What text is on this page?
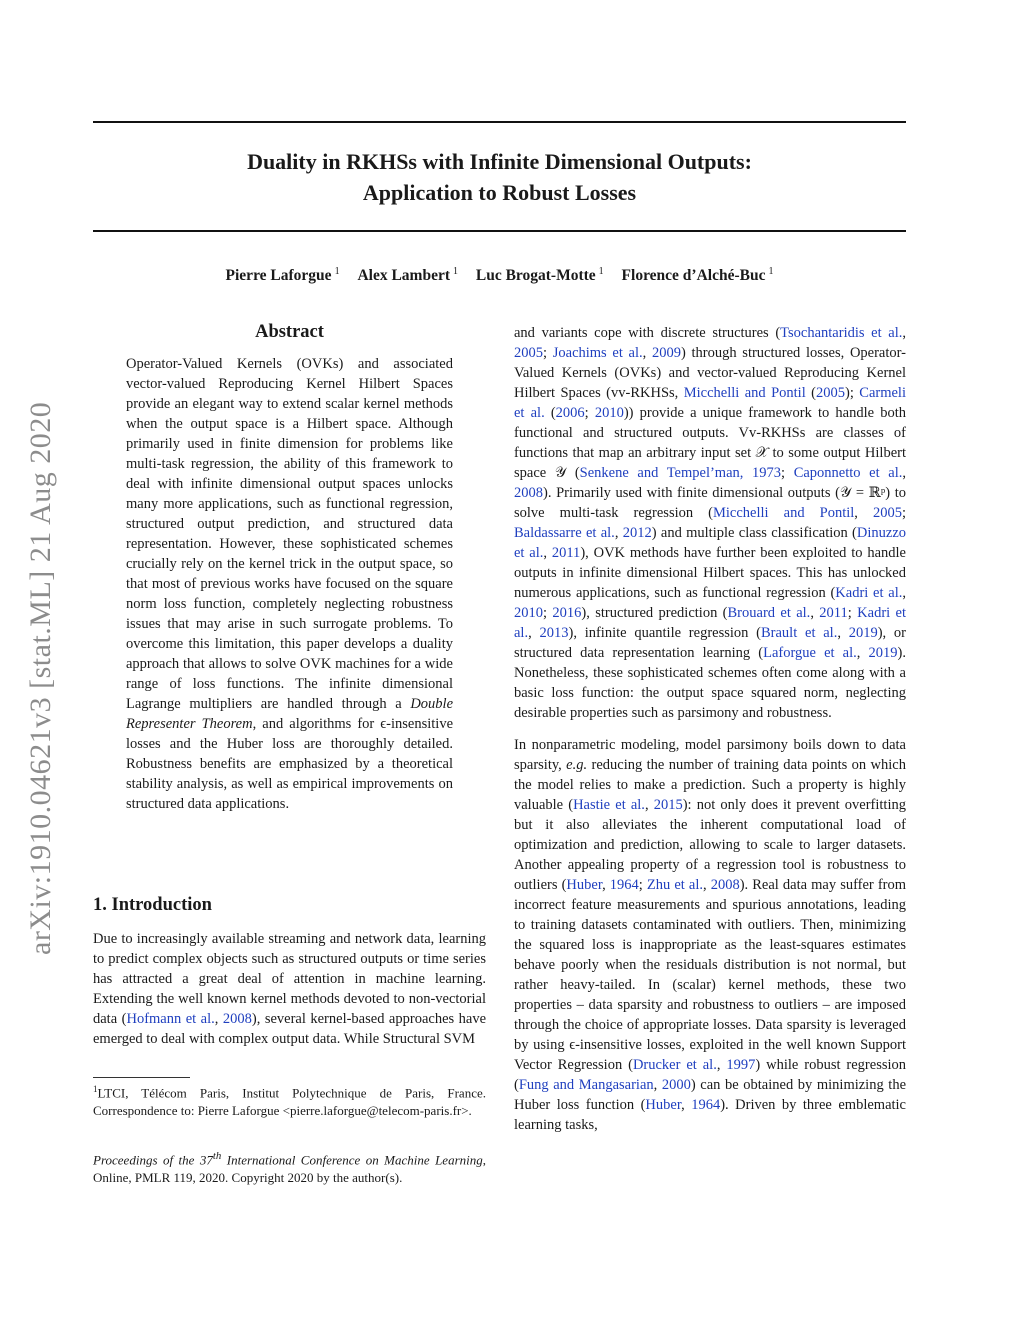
arXiv:1910.04621v3 [stat.ML] 21 Aug 2020
Duality in RKHSs with Infinite Dimensional Outputs:
Application to Robust Losses
Pierre Laforgue $^1$ Alex Lambert $^1$ Luc Brogat-Motte $^1$ Florence d’Alché-Buc $^1$
Abstract

Operator-Valued Kernels (OVKs) and associated vector-valued Reproducing Kernel Hilbert Spaces provide an elegant way to extend scalar kernel methods when the output space is a Hilbert space. Although primarily used in finite dimension for problems like multi-task regression, the ability of this framework to deal with infinite dimensional output spaces unlocks many more applications, such as functional regression, structured output prediction, and structured data representation. However, these sophisticated schemes crucially rely on the kernel trick in the output space, so that most of previous works have focused on the square norm loss function, completely neglecting robustness issues that may arise in such surrogate problems. To overcome this limitation, this paper develops a duality approach that allows to solve OVK machines for a wide range of loss functions. The infinite dimensional Lagrange multipliers are handled through a Double Representer Theorem, and algorithms for ϵ-insensitive losses and the Huber loss are thoroughly detailed. Robustness benefits are emphasized by a theoretical stability analysis, as well as empirical improvements on structured data applications.

1. Introduction

Due to increasingly available streaming and network data, learning to predict complex objects such as structured outputs or time series has attracted a great deal of attention in machine learning. Extending the well known kernel methods devoted to non-vectorial data (Hofmann et al., 2008), several kernel-based approaches have emerged to deal with complex output data. While Structural SVM

$^1$LTCI, Télécom Paris, Institut Polytechnique de Paris, France. Correspondence to: Pierre Laforgue <pierre.laforgue@telecom-paris.fr>.

Proceedings of the 37th International Conference on Machine Learning, Online, PMLR 119, 2020. Copyright 2020 by the author(s).

and variants cope with discrete structures (Tsochantaridis et al., 2005; Joachims et al., 2009) through structured losses, Operator-Valued Kernels (OVKs) and vector-valued Reproducing Kernel Hilbert Spaces (vv-RKHSs, Micchelli and Pontil (2005); Carmeli et al. (2006; 2010)) provide a unique framework to handle both functional and structured outputs. Vv-RKHSs are classes of functions that map an arbitrary input set 𝒳 to some output Hilbert space 𝒴 (Senkene and Tempel’man, 1973; Caponnetto et al., 2008). Primarily used with finite dimensional outputs (𝒴 = ℝᵖ) to solve multi-task regression (Micchelli and Pontil, 2005; Baldassarre et al., 2012) and multiple class classification (Dinuzzo et al., 2011), OVK methods have further been exploited to handle outputs in infinite dimensional Hilbert spaces. This has unlocked numerous applications, such as functional regression (Kadri et al., 2010; 2016), structured prediction (Brouard et al., 2011; Kadri et al., 2013), infinite quantile regression (Brault et al., 2019), or structured data representation learning (Laforgue et al., 2019). Nonetheless, these sophisticated schemes often come along with a basic loss function: the output space squared norm, neglecting desirable properties such as parsimony and robustness.

In nonparametric modeling, model parsimony boils down to data sparsity, e.g. reducing the number of training data points on which the model relies to make a prediction. Such a property is highly valuable (Hastie et al., 2015): not only does it prevent overfitting but it also alleviates the inherent computational load of optimization and prediction, allowing to scale to larger datasets. Another appealing property of a regression tool is robustness to outliers (Huber, 1964; Zhu et al., 2008). Real data may suffer from incorrect feature measurements and spurious annotations, leading to training datasets contaminated with outliers. Then, minimizing the squared loss is inappropriate as the least-squares estimates behave poorly when the residuals distribution is not normal, but rather heavy-tailed. In (scalar) kernel methods, these two properties – data sparsity and robustness to outliers – are imposed through the choice of appropriate losses. Data sparsity is leveraged by using ϵ-insensitive losses, exploited in the well known Support Vector Regression (Drucker et al., 1997) while robust regression (Fung and Mangasarian, 2000) can be obtained by minimizing the Huber loss function (Huber, 1964). Driven by three emblematic learning tasks,
